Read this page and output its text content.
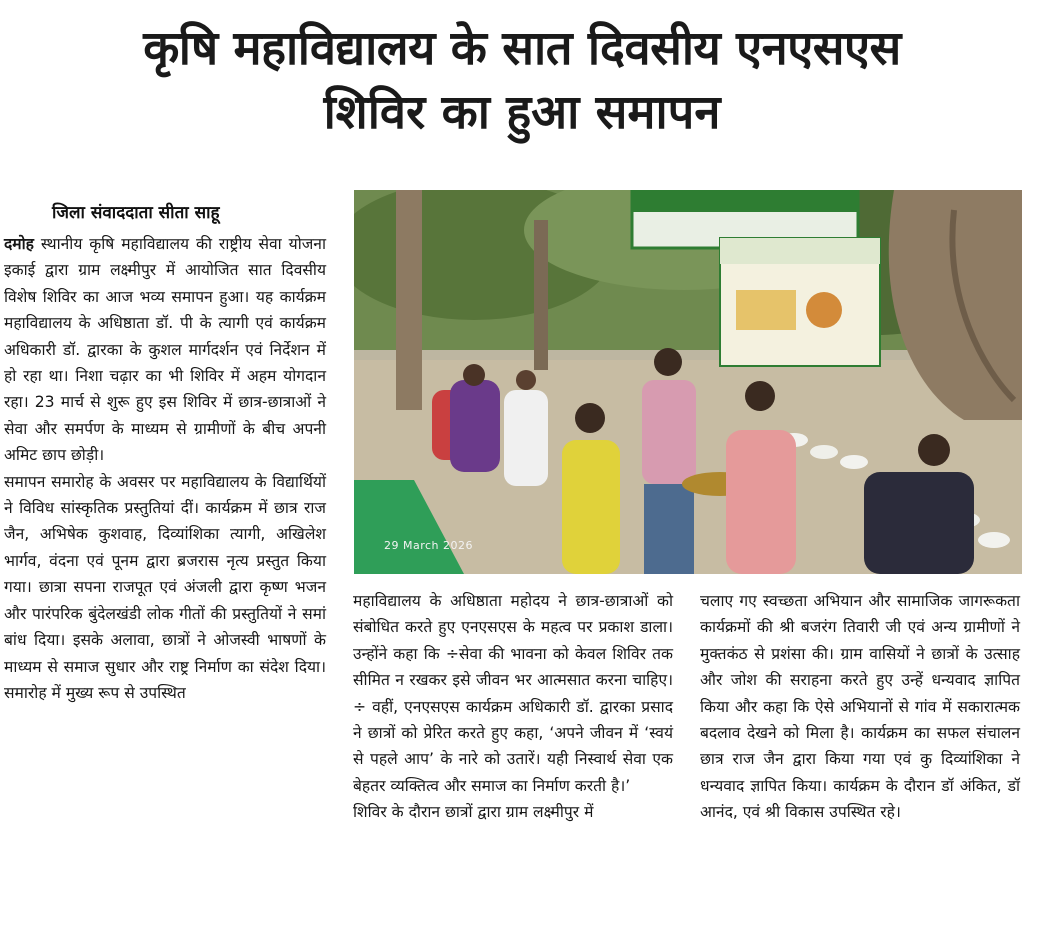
कृषि महाविद्यालय के सात दिवसीय एनएसएस
शिविर का हुआ समापन
जिला संवाददाता सीता साहू

दमोह स्थानीय कृषि महाविद्यालय की राष्ट्रीय सेवा योजना इकाई द्वारा ग्राम लक्ष्मीपुर में आयोजित सात दिवसीय विशेष शिविर का आज भव्य समापन हुआ। यह कार्यक्रम महाविद्यालय के अधिष्ठाता डॉ. पी के त्यागी एवं कार्यक्रम अधिकारी डॉ. द्वारका के कुशल मार्गदर्शन एवं निर्देशन में हो रहा था। निशा चढ़ार का भी शिविर में अहम योगदान रहा। 23 मार्च से शुरू हुए इस शिविर में छात्र-छात्राओं ने सेवा और समर्पण के माध्यम से ग्रामीणों के बीच अपनी अमिट छाप छोड़ी।

समापन समारोह के अवसर पर महाविद्यालय के विद्यार्थियों ने विविध सांस्कृतिक प्रस्तुतियां दीं। कार्यक्रम में छात्र राज जैन, अभिषेक कुशवाह, दिव्यांशिका त्यागी, अखिलेश भार्गव, वंदना एवं पूनम द्वारा ब्रजरास नृत्य प्रस्तुत किया गया। छात्रा सपना राजपूत एवं अंजली द्वारा कृष्ण भजन और पारंपरिक बुंदेलखंडी लोक गीतों की प्रस्तुतियों ने समां बांध दिया। इसके अलावा, छात्रों ने ओजस्वी भाषणों के माध्यम से समाज सुधार और राष्ट्र निर्माण का संदेश दिया। समारोह में मुख्य रूप से उपस्थित

29 March 2026

महाविद्यालय के अधिष्ठाता महोदय ने छात्र-छात्राओं को संबोधित करते हुए एनएसएस के महत्व पर प्रकाश डाला। उन्होंने कहा कि ÷सेवा की भावना को केवल शिविर तक सीमित न रखकर इसे जीवन भर आत्मसात करना चाहिए।÷ वहीं, एनएसएस कार्यक्रम अधिकारी डॉ. द्वारका प्रसाद ने छात्रों को प्रेरित करते हुए कहा, ‘अपने जीवन में ‘स्वयं से पहले आप’ के नारे को उतारें। यही निस्वार्थ सेवा एक बेहतर व्यक्तित्व और समाज का निर्माण करती है।’

शिविर के दौरान छात्रों द्वारा ग्राम लक्ष्मीपुर में

चलाए गए स्वच्छता अभियान और सामाजिक जागरूकता कार्यक्रमों की श्री बजरंग तिवारी जी एवं अन्य ग्रामीणों ने मुक्तकंठ से प्रशंसा की। ग्राम वासियों ने छात्रों के उत्साह और जोश की सराहना करते हुए उन्हें धन्यवाद ज्ञापित किया और कहा कि ऐसे अभियानों से गांव में सकारात्मक बदलाव देखने को मिला है। कार्यक्रम का सफल संचालन छात्र राज जैन द्वारा किया गया एवं कु दिव्यांशिका ने धन्यवाद ज्ञापित किया। कार्यक्रम के दौरान डॉ अंकित, डॉ आनंद, एवं श्री विकास उपस्थित रहे।
